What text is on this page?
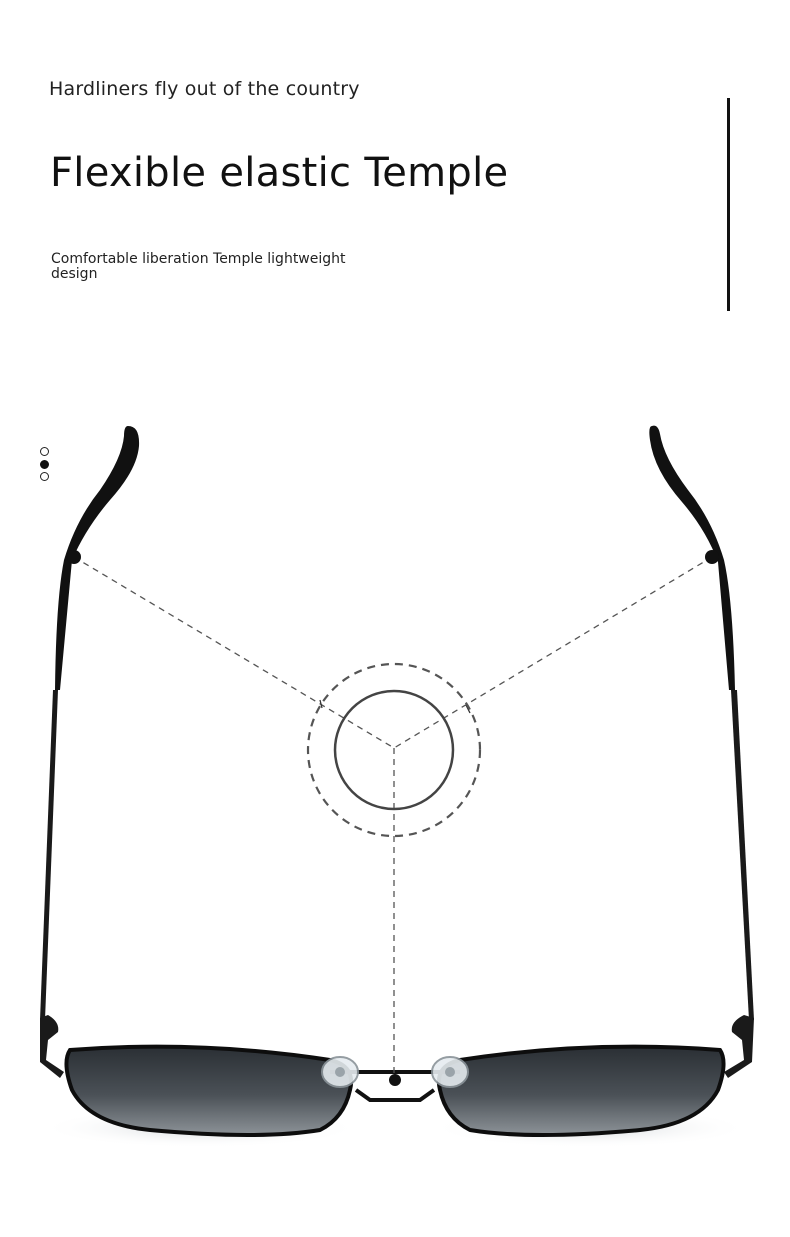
Hardliners fly out of the country
Flexible elastic Temple
Comfortable liberation Temple lightweight design
